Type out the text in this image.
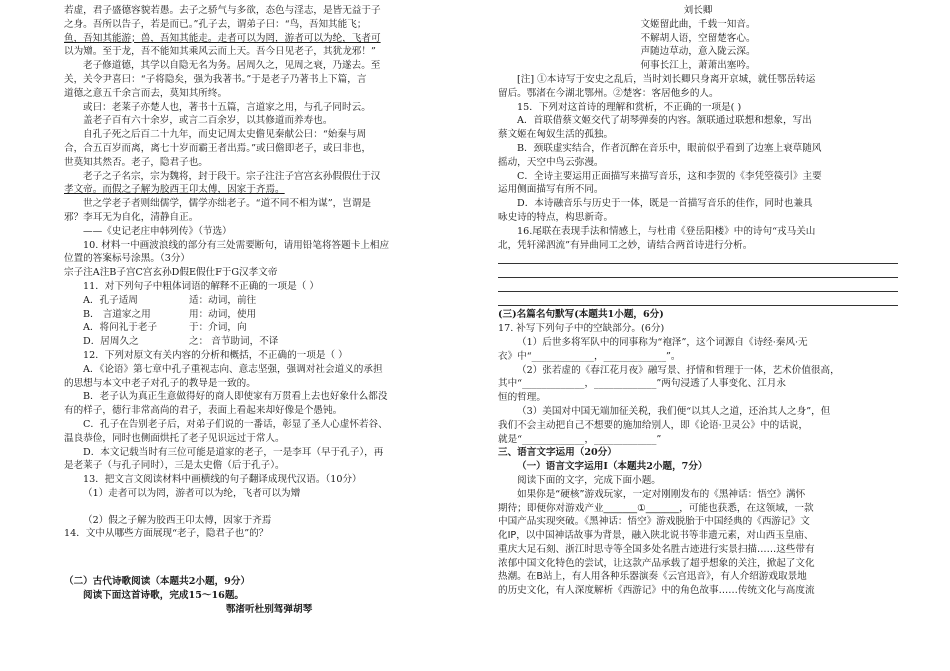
若虚，君子盛德容貌若愚。去子之骄气与多欲，态色与淫志，是皆无益于子
之身。吾所以告子，若是而已。”孔子去，谓弟子曰：“鸟，吾知其能飞；
鱼，吾知其能游；兽，吾知其能走。走者可以为罔，游者可以为纶，飞者可
以为矰。至于龙，吾不能知其乘风云而上天。吾今日见老子，其犹龙邪！”
老子修道德，其学以自隐无名为务。居周久之，见周之衰，乃遂去。至
关，关令尹喜曰：“子将隐矣，强为我著书。”于是老子乃著书上下篇，言
道德之意五千余言而去，莫知其所终。
或曰：老莱子亦楚人也，著书十五篇，言道家之用，与孔子同时云。
盖老子百有六十余岁，或言二百余岁，以其修道而养寿也。
自孔子死之后百二十九年，而史记周太史儋见秦献公曰：“始秦与周
合，合五百岁而离，离七十岁而霸王者出焉。”或曰儋即老子，或曰非也，
世莫知其然否。老子，隐君子也。
老子之子名宗，宗为魏将，封于段干。宗子注注子宫宫玄孙假假仕于汉
孝文帝。而假之子解为胶西王卬太傅，因家于齐焉。
世之学老子者则绌儒学，儒学亦绌老子。“道不同不相为谋”，岂谓是
邪？李耳无为自化，清静自正。
——《史记老庄申韩列传》（节选）
10. 材料一中画波浪线的部分有三处需要断句，请用铅笔将答题卡上相应
位置的答案标号涂黑。（3分）
宗子注A注B子宫C宫玄孙D假E假仕F于G汉孝文帝
11．对下列句子中粗体词语的解释不正确的一项是（ ）
A．孔子适周	适：动词，前往
B． 言道家之用	用：动词，使用
A．将问礼于老子	于：介词，向
D．居周久之	之： 音节助词，不译
12．下列对原文有关内容的分析和概括，不正确的一项是（ ）
A．《论语》第七章中孔子重视志向、意志坚强，强调对社会道义的承担
的思想与本文中老子对孔子的教导是一致的。
B．老子认为真正生意做得好的商人即使家有万贯看上去也好象什么都没
有的样子，德行非常高尚的君子，表面上看起来却好像是个愚钝。
C．孔子在告别老子后，对弟子们说的一番话，彰显了圣人心虚怀若谷、
温良恭俭，同时也侧面烘托了老子见识远过于常人。
D．本文记载当时有三位可能是道家的老子，一是李耳（早于孔子），再
是老莱子（与孔子同时），三是太史儋（后于孔子）。
13．把文言文阅读材料中画横线的句子翻译成现代汉语。（10分）
（1）走者可以为罔，游者可以为纶，飞者可以为矰
（2）假之子解为胶西王卬太傅，因家于齐焉
14．文中从哪些方面展现“老子，隐君子也”的？
（二）古代诗歌阅读（本题共2小题，9分）
阅读下面这首诗歌，完成15～16题。
鄂渚听杜别驾弹胡琴
刘长卿
文姬留此曲，千载一知音。
不解胡人语，空留楚客心。
声随边草动，意入陇云深。
何事长江上，萧萧出塞吟。
[注] ①本诗写于安史之乱后，当时刘长卿只身离开京城，就任鄂岳转运
留后。鄂渚在今湖北鄂州。②楚客：客居他乡的人。
15．下列对这首诗的理解和赏析，不正确的一项是( )
A．首联借蔡文姬交代了胡琴弹奏的内容。颔联通过联想和想象，写出
蔡文姬在匈奴生活的孤独。
B．颈联虚实结合，作者沉醉在音乐中，眼前似乎看到了边塞上衰草随风
摇动，天空中鸟云弥漫。
C．全诗主要运用正面描写来描写音乐，这和李贺的《李凭箜篌引》主要
运用侧面描写有所不同。
D．本诗融音乐与历史于一体，既是一首描写音乐的佳作，同时也兼具
咏史诗的特点，构思新奇。
16.尾联在表现手法和情感上，与杜甫《登岳阳楼》中的诗句“戎马关山
北，凭轩涕泗流”有异曲同工之妙，请结合两首诗进行分析。
(三)名篇名句默写(本题共1小题，6分)
17. 补写下列句子中的空缺部分。(6分)
（1）后世多将军队中的同事称为“袍泽”，这个词源自《诗经·秦风·无
衣》中“_____________，_____________”。
（2）张若虚的《春江花月夜》融写景、抒情和哲理于一体，艺术价值很高，
其中“_____________，_____________”两句浸透了人事变化、江月永
恒的哲理。
（3）美国对中国无端加征关税，我们便“以其人之道，还治其人之身”，但
我们不会主动把自己不想要的施加给别人，即《论语·卫灵公》中的话说，
就是“_____________，_____________”
三、语言文字运用（20分）
（一）语言文字运用Ⅰ（本题共2小题，7分）
阅读下面的文字，完成下面小题。
如果你是“硬核”游戏玩家，一定对刚刚发布的《黑神话：悟空》满怀
期待；即便你对游戏产业_______①_______，可能也获悉，在这领域，一款
中国产品实现突破。《黑神话：悟空》游戏脱胎于中国经典的《西游记》文
化IP，以中国神话故事为背景，融入陕北说书等非遗元素，对山西玉皇庙、
重庆大足石刻、浙江时思寺等全国多处名胜古迹进行实景扫描……这些带有
浓郁中国文化特色的尝试，让这款产品承载了超乎想象的关注，掀起了文化
热潮。在B站上，有人用各种乐器演奏《云宫迅音》，有人介绍游戏取景地
的历史文化，有人深度解析《西游记》中的角色故事……传统文化与高度流
